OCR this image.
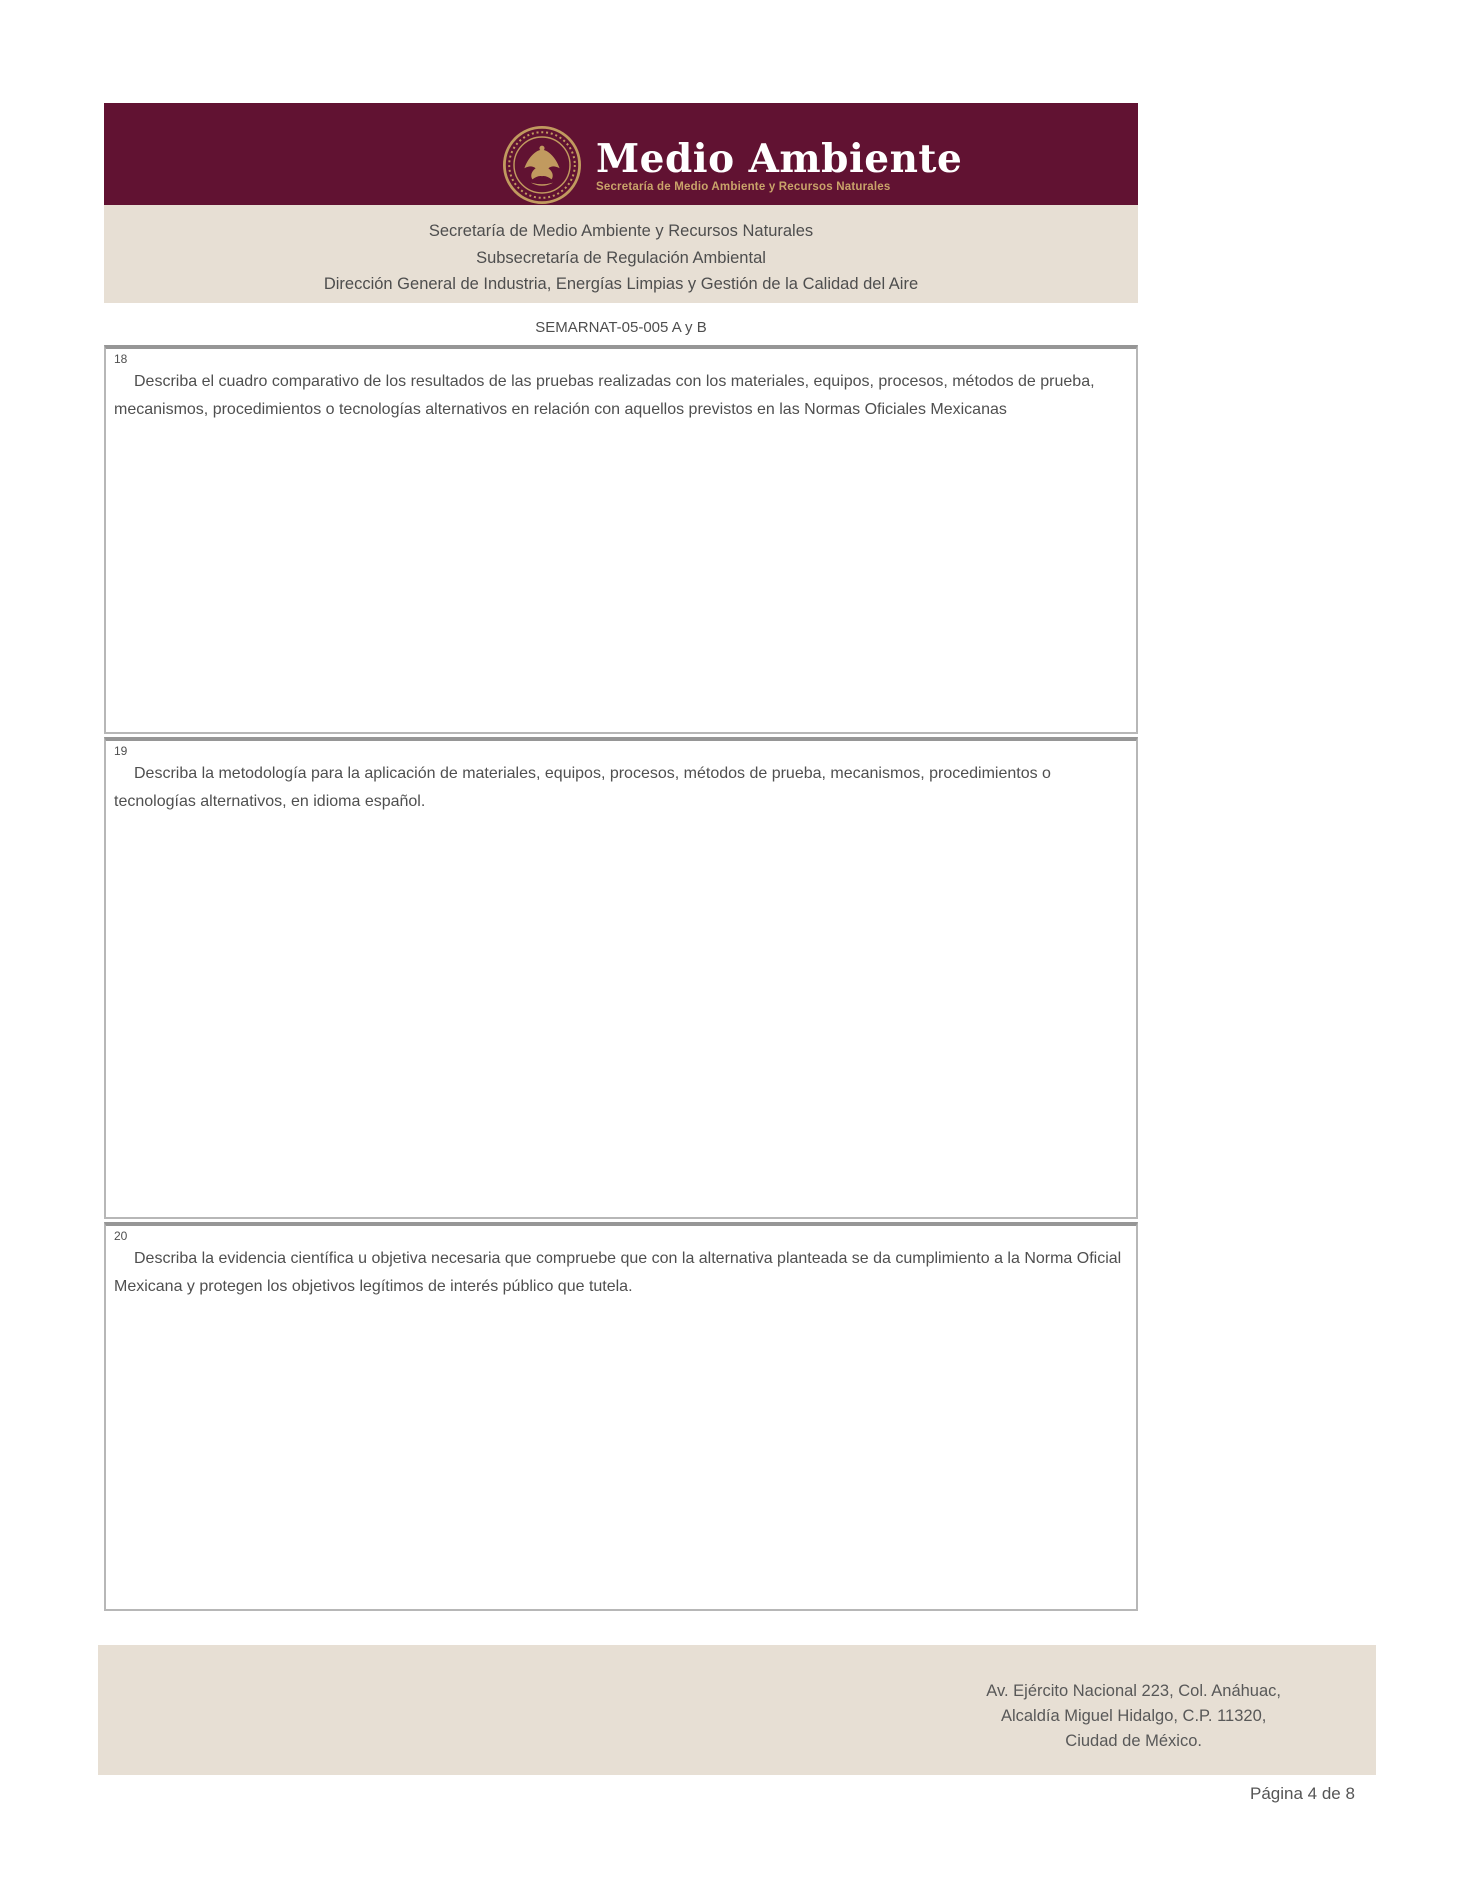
Medio Ambiente
Secretaría de Medio Ambiente y Recursos Naturales
Secretaría de Medio Ambiente y Recursos Naturales
Subsecretaría de Regulación Ambiental
Dirección General de Industria, Energías Limpias y Gestión de la Calidad del Aire
SEMARNAT-05-005 A y B
18

Describa el cuadro comparativo de los resultados de las pruebas realizadas con los materiales, equipos, procesos, métodos de prueba, mecanismos, procedimientos o tecnologías alternativos en relación con aquellos previstos en las Normas Oficiales Mexicanas

19

Describa la metodología para la aplicación de materiales, equipos, procesos, métodos de prueba, mecanismos, procedimientos o tecnologías alternativos, en idioma español.

20

Describa la evidencia científica u objetiva necesaria que compruebe que con la alternativa planteada se da cumplimiento a la Norma Oficial Mexicana y protegen los objetivos legítimos de interés público que tutela.

Av. Ejército Nacional 223, Col. Anáhuac,
Alcaldía Miguel Hidalgo, C.P. 11320,
Ciudad de México.
Página 4 de 8
